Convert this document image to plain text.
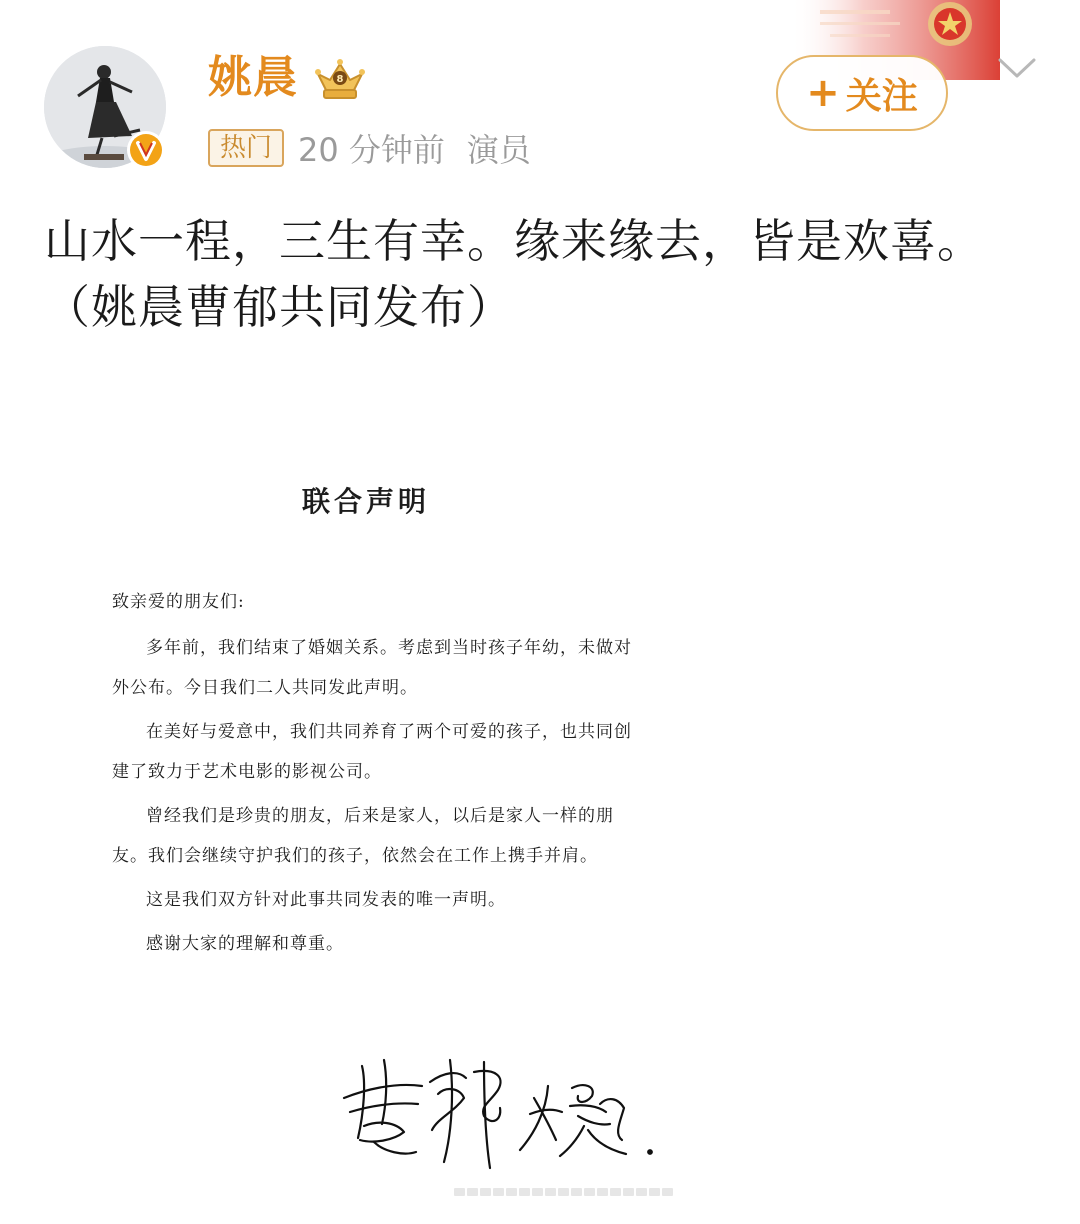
姚晨	8
热门 20 分钟前 演员
+ 关注
山水一程，三生有幸。缘来缘去，皆是欢喜。（姚晨曹郁共同发布）
联合声明

致亲爱的朋友们:

多年前，我们结束了婚姻关系。考虑到当时孩子年幼，未做对外公布。今日我们二人共同发此声明。

在美好与爱意中，我们共同养育了两个可爱的孩子，也共同创建了致力于艺术电影的影视公司。

曾经我们是珍贵的朋友，后来是家人，以后是家人一样的朋友。我们会继续守护我们的孩子，依然会在工作上携手并肩。

这是我们双方针对此事共同发表的唯一声明。

感谢大家的理解和尊重。
